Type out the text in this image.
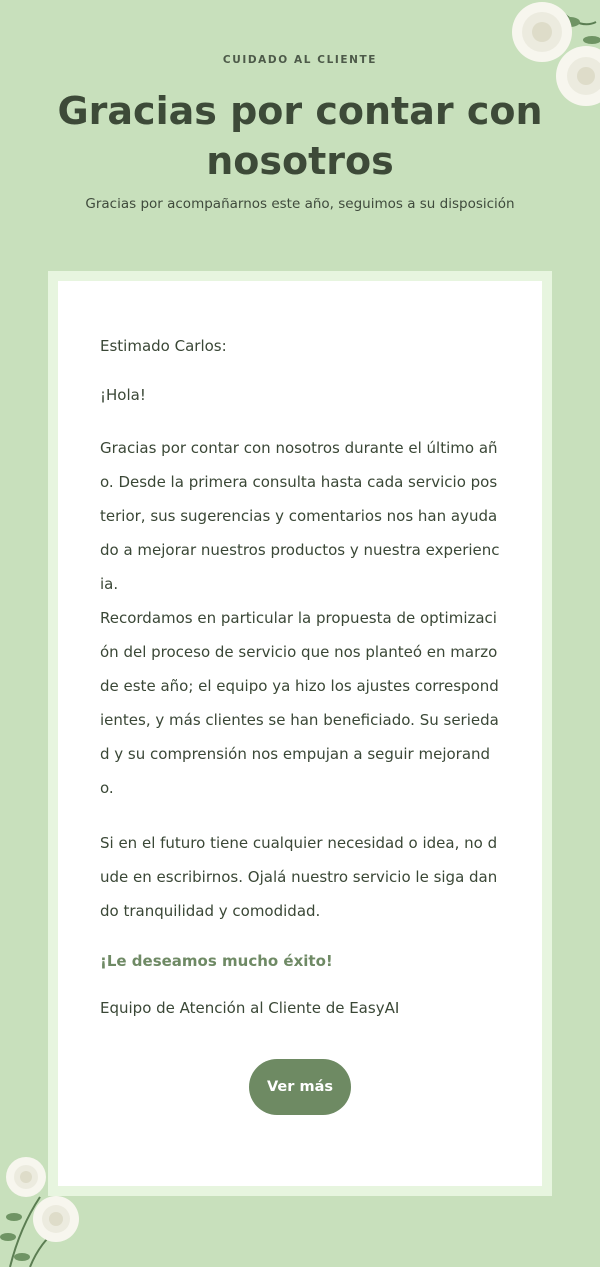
CUIDADO AL CLIENTE
Gracias por contar con nosotros
Gracias por acompañarnos este año, seguimos a su disposición
Estimado Carlos:
¡Hola!
Gracias por contar con nosotros durante el último año. Desde la primera consulta hasta cada servicio posterior, sus sugerencias y comentarios nos han ayudado a mejorar nuestros productos y nuestra experiencia.
Recordamos en particular la propuesta de optimización del proceso de servicio que nos planteó en marzo de este año; el equipo ya hizo los ajustes correspondientes, y más clientes se han beneficiado. Su seriedad y su comprensión nos empujan a seguir mejorando.
Si en el futuro tiene cualquier necesidad o idea, no dude en escribirnos. Ojalá nuestro servicio le siga dando tranquilidad y comodidad.
¡Le deseamos mucho éxito!
Equipo de Atención al Cliente de EasyAI
Ver más
